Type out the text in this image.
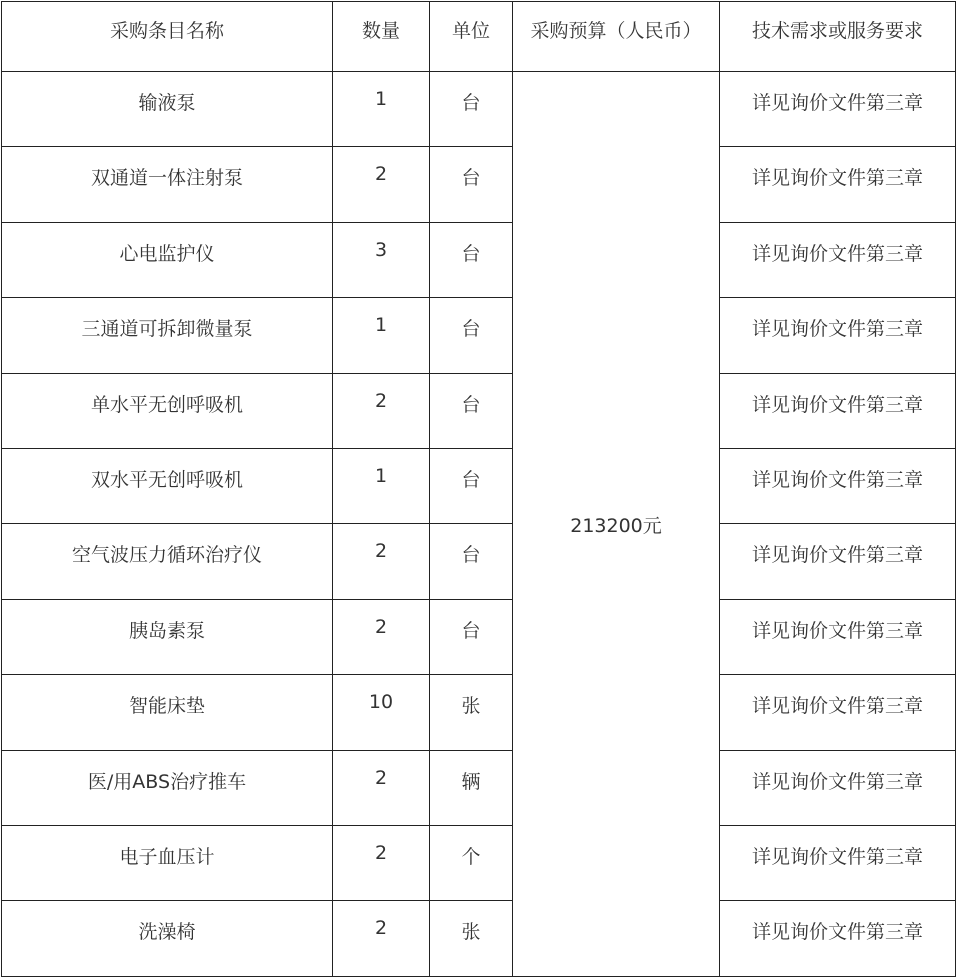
采购条目名称	数量	单位	采购预算（人民币）	技术需求或服务要求
输液泵	1	台	213200元	详见询价文件第三章
双通道一体注射泵	2	台		详见询价文件第三章
心电监护仪	3	台		详见询价文件第三章
三通道可拆卸微量泵	1	台		详见询价文件第三章
单水平无创呼吸机	2	台		详见询价文件第三章
双水平无创呼吸机	1	台		详见询价文件第三章
空气波压力循环治疗仪	2	台		详见询价文件第三章
胰岛素泵	2	台		详见询价文件第三章
智能床垫	10	张		详见询价文件第三章
医/用ABS治疗推车	2	辆		详见询价文件第三章
电子血压计	2	个		详见询价文件第三章
洗澡椅	2	张		详见询价文件第三章
